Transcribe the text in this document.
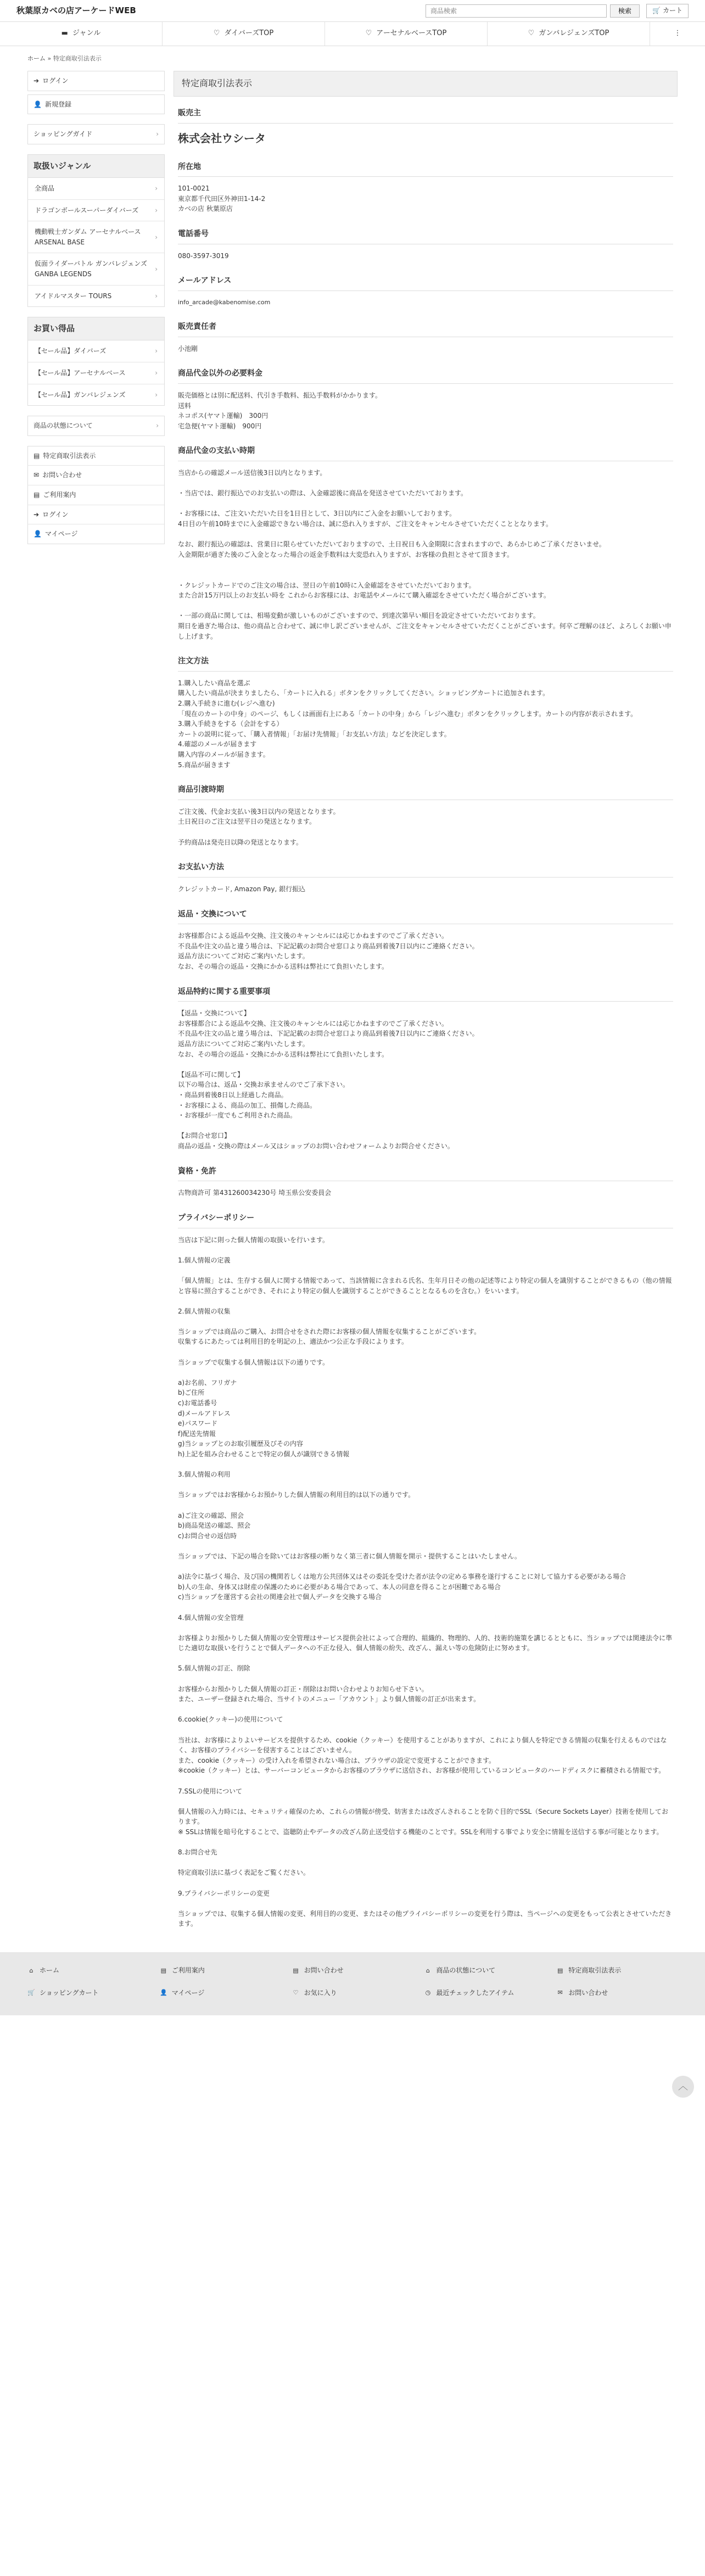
秋葉原カベの店アーケードWEB
商品検索	検索	🛒 カート
▬ ジャンル	♡ ダイバーズTOP	♡ アーセナルベースTOP	♡ ガンバレジェンズTOP	⋮
ホーム » 特定商取引法表示
➔ ログイン
👤 新規登録
ショッピングガイド	›
取扱いジャンル
全商品	›
ドラゴンボールスーパーダイバーズ	›
機動戦士ガンダム アーセナルベース ARSENAL BASE
›
仮面ライダーバトル ガンバレジェンズ GANBA LEGENDS
›
アイドルマスター TOURS	›
お買い得品
【セール品】ダイバーズ	›
【セール品】アーセナルベース	›
【セール品】ガンバレジェンズ	›
商品の状態について	›
▤ 特定商取引法表示
✉ お問い合わせ
▤ ご利用案内
➔ ログイン
👤 マイページ
特定商取引法表示
販売主
株式会社ウシータ
所在地
101-0021
東京都千代田区外神田1-14-2
カベの店 秋葉原店
電話番号
080-3597-3019
メールアドレス
info_arcade@kabenomise.com
販売責任者
小池剛
商品代金以外の必要料金
販売価格とは別に配送料、代引き手数料、振込手数料がかかります。
送料
ネコポス(ヤマト運輸)　300円
宅急便(ヤマト運輸)　900円
商品代金の支払い時期
当店からの確認メール送信後3日以内となります。

・当店では、銀行振込でのお支払いの際は、入金確認後に商品を発送させていただいております。

・お客様には、ご注文いただいた日を1日目として、3日以内にご入金をお願いしております。
4日目の午前10時までに入金確認できない場合は、誠に恐れ入りますが、ご注文をキャンセルさせていただくこととなります。

なお、銀行振込の確認は、営業日に限らせていただいておりますので、土日祝日も入金期限に含まれますので、あらかじめご了承くださいませ。
入金期限が過ぎた後のご入金となった場合の返金手数料は大変恐れ入りますが、お客様の負担とさせて頂きます。

・クレジットカードでのご注文の場合は、翌日の午前10時に入金確認をさせていただいております。
また合計15万円以上のお支払い時を これからお客様には、お電話やメールにて購入確認をさせていただく場合がございます。

・一部の商品に関しては、相場変動が激しいものがございますので、到達次第早い順目を設定させていただいております。
期日を過ぎた場合は、他の商品と合わせて、誠に申し訳ございませんが、ご注文をキャンセルさせていただくことがございます。何卒ご理解のほど、よろしくお願い申し上げます。
注文方法
1.購入したい商品を選ぶ
購入したい商品が決まりましたら、「カートに入れる」ボタンをクリックしてください。ショッピングカートに追加されます。
2.購入手続きに進む(レジへ進む)
「現在のカートの中身」のページ、もしくは画面右上にある「カートの中身」から「レジへ進む」ボタンをクリックします。カートの内容が表示されます。
3.購入手続きをする（会計をする）
カートの説明に従って、「購入者情報」「お届け先情報」「お支払い方法」などを決定します。
4.確認のメールが届きます
購入内容のメールが届きます。
5.商品が届きます
商品引渡時期
ご注文後、代金お支払い後3日以内の発送となります。
土日祝日のご注文は翌平日の発送となります。

予約商品は発売日以降の発送となります。
お支払い方法
クレジットカード, Amazon Pay, 銀行振込
返品・交換について
お客様都合による返品や交換、注文後のキャンセルには応じかねますのでご了承ください。
不良品や注文の品と違う場合は、下記記載のお問合せ窓口より商品到着後7日以内にご連絡ください。
返品方法についてご対応ご案内いたします。
なお、その場合の返品・交換にかかる送料は弊社にて負担いたします。
返品特約に関する重要事項
【返品・交換について】
お客様都合による返品や交換、注文後のキャンセルには応じかねますのでご了承ください。
不良品や注文の品と違う場合は、下記記載のお問合せ窓口より商品到着後7日以内にご連絡ください。
返品方法についてご対応ご案内いたします。
なお、その場合の返品・交換にかかる送料は弊社にて負担いたします。

【返品不可に関して】
以下の場合は、返品・交換お承ませんのでご了承下さい。
・商品到着後8日以上経過した商品。
・お客様による、商品の加工、損傷した商品。
・お客様が一度でもご利用された商品。

【お問合せ窓口】
商品の返品・交換の際はメール又はショップのお問い合わせフォームよりお問合せください。
資格・免許
古物商許可 第431260034230号 埼玉県公安委員会
プライバシーポリシー
当店は下記に則った個人情報の取扱いを行います。

1.個人情報の定義

「個人情報」とは、生存する個人に関する情報であって、当該情報に含まれる氏名、生年月日その他の記述等により特定の個人を識別することができるもの（他の情報と容易に照合することができ、それにより特定の個人を識別することができることとなるものを含む。）をいいます。

2.個人情報の収集

当ショップでは商品のご購入、お問合せをされた際にお客様の個人情報を収集することがございます。
収集するにあたっては利用目的を明記の上、適法かつ公正な手段によります。

当ショップで収集する個人情報は以下の通りです。

a)お名前、フリガナ
b)ご住所
c)お電話番号
d)メールアドレス
e)パスワード
f)配送先情報
g)当ショップとのお取引履歴及びその内容
h)上記を組み合わせることで特定の個人が識別できる情報

3.個人情報の利用

当ショップではお客様からお預かりした個人情報の利用目的は以下の通りです。

a)ご注文の確認、照会
b)商品発送の確認、照会
c)お問合せの返信時

当ショップでは、下記の場合を除いてはお客様の断りなく第三者に個人情報を開示・提供することはいたしません。

a)法令に基づく場合、及び国の機関若しくは地方公共団体又はその委託を受けた者が法令の定める事務を遂行することに対して協力する必要がある場合
b)人の生命、身体又は財産の保護のために必要がある場合であって、本人の同意を得ることが困難である場合
c)当ショップを運営する会社の関連会社で個人データを交換する場合

4.個人情報の安全管理

お客様よりお預かりした個人情報の安全管理はサービス提供会社によって合理的、組織的、物理的、人的、技術的施策を講じるとともに、当ショップでは関連法令に準じた適切な取扱いを行うことで個人データへの不正な侵入、個人情報の紛失、改ざん、漏えい等の危険防止に努めます。

5.個人情報の訂正、削除

お客様からお預かりした個人情報の訂正・削除はお問い合わせよりお知らせ下さい。
また、ユーザー登録された場合、当サイトのメニュー「アカウント」より個人情報の訂正が出来ます。

6.cookie(クッキー)の使用について

当社は、お客様によりよいサービスを提供するため、cookie（クッキー）を使用することがありますが、これにより個人を特定できる情報の収集を行えるものではなく、お客様のプライバシーを侵害することはございません。
また、cookie（クッキー）の受け入れを希望されない場合は、ブラウザの設定で変更することができます。
※cookie（クッキー）とは、サーバーコンピュータからお客様のブラウザに送信され、お客様が使用しているコンピュータのハードディスクに蓄積される情報です。

7.SSLの使用について

個人情報の入力時には、セキュリティ確保のため、これらの情報が傍受、妨害または改ざんされることを防ぐ目的でSSL（Secure Sockets Layer）技術を使用しております。
※ SSLは情報を暗号化することで、盗聴防止やデータの改ざん防止送受信する機能のことです。SSLを利用する事でより安全に情報を送信する事が可能となります。

8.お問合せ先

特定商取引法に基づく表記をご覧ください。

9.プライバシーポリシーの変更

当ショップでは、収集する個人情報の変更、利用目的の変更、またはその他プライバシーポリシーの変更を行う際は、当ページへの変更をもって公表とさせていただきます。
︿
⌂ ホーム	▤ ご利用案内	▤ お問い合わせ	⌂ 商品の状態について	▤ 特定商取引法表示
🛒 ショッピングカート	👤 マイページ	♡ お気に入り	◷ 最近チェックしたアイテム	✉ お問い合わせ
